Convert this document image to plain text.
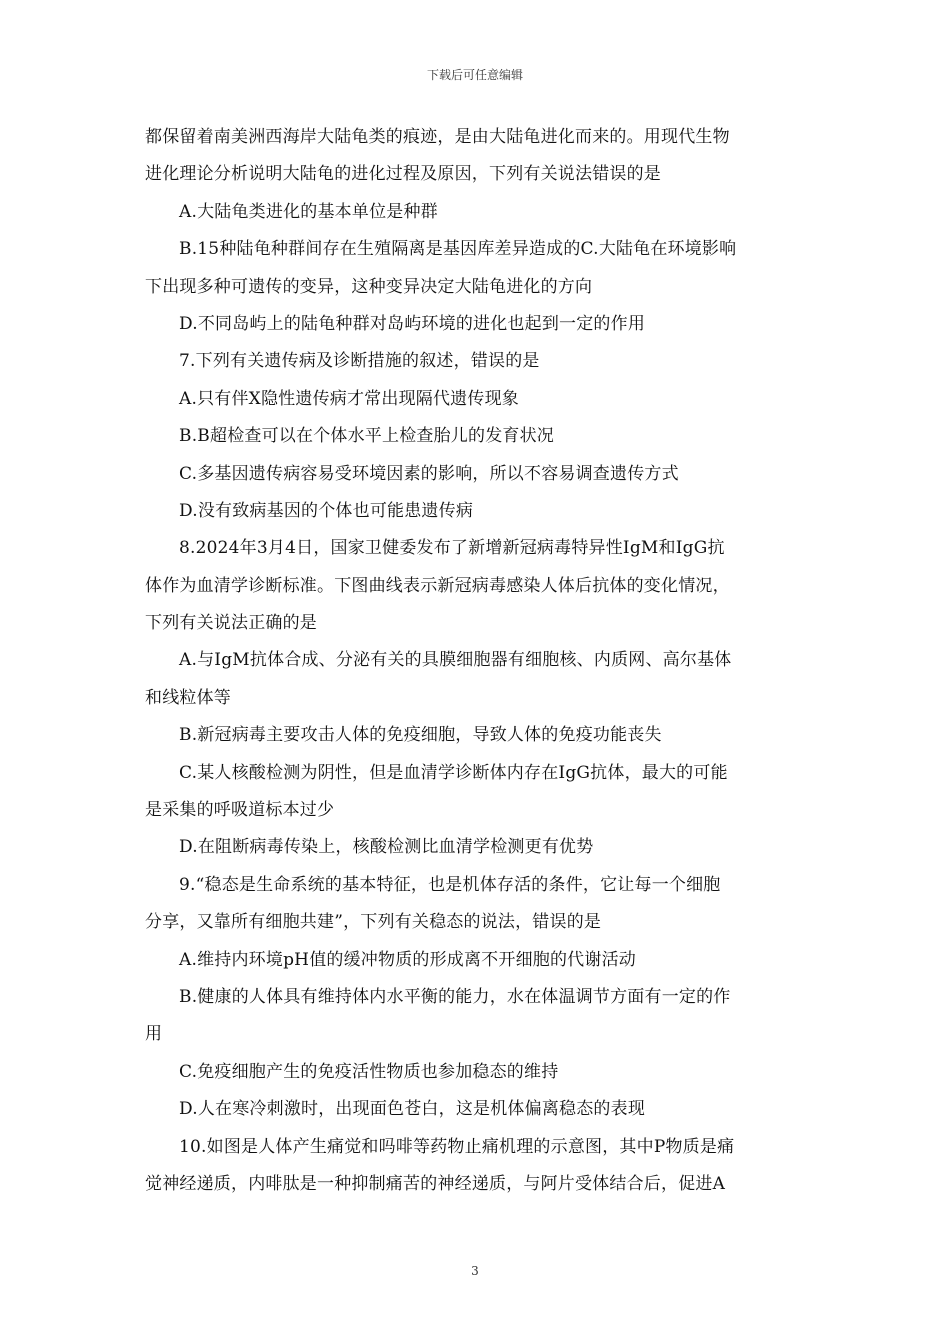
下载后可任意编辑
都保留着南美洲西海岸大陆龟类的痕迹，是由大陆龟进化而来的。用现代生物
进化理论分析说明大陆龟的进化过程及原因，下列有关说法错误的是
A.大陆龟类进化的基本单位是种群
B.15种陆龟种群间存在生殖隔离是基因库差异造成的C.大陆龟在环境影响
下出现多种可遗传的变异，这种变异决定大陆龟进化的方向
D.不同岛屿上的陆龟种群对岛屿环境的进化也起到一定的作用
7.下列有关遗传病及诊断措施的叙述，错误的是
A.只有伴X隐性遗传病才常出现隔代遗传现象
B.B超检查可以在个体水平上检查胎儿的发育状况
C.多基因遗传病容易受环境因素的影响，所以不容易调查遗传方式
D.没有致病基因的个体也可能患遗传病
8.2024年3月4日，国家卫健委发布了新增新冠病毒特异性IgM和IgG抗
体作为血清学诊断标准。下图曲线表示新冠病毒感染人体后抗体的变化情况，
下列有关说法正确的是
A.与IgM抗体合成、分泌有关的具膜细胞器有细胞核、内质网、高尔基体
和线粒体等
B.新冠病毒主要攻击人体的免疫细胞，导致人体的免疫功能丧失
C.某人核酸检测为阴性，但是血清学诊断体内存在IgG抗体，最大的可能
是采集的呼吸道标本过少
D.在阻断病毒传染上，核酸检测比血清学检测更有优势
9.“稳态是生命系统的基本特征，也是机体存活的条件，它让每一个细胞
分享，又靠所有细胞共建”，下列有关稳态的说法，错误的是
A.维持内环境pH值的缓冲物质的形成离不开细胞的代谢活动
B.健康的人体具有维持体内水平衡的能力，水在体温调节方面有一定的作
用
C.免疫细胞产生的免疫活性物质也参加稳态的维持
D.人在寒冷刺激时，出现面色苍白，这是机体偏离稳态的表现
10.如图是人体产生痛觉和吗啡等药物止痛机理的示意图，其中P物质是痛
觉神经递质，内啡肽是一种抑制痛苦的神经递质，与阿片受体结合后，促进A
3
